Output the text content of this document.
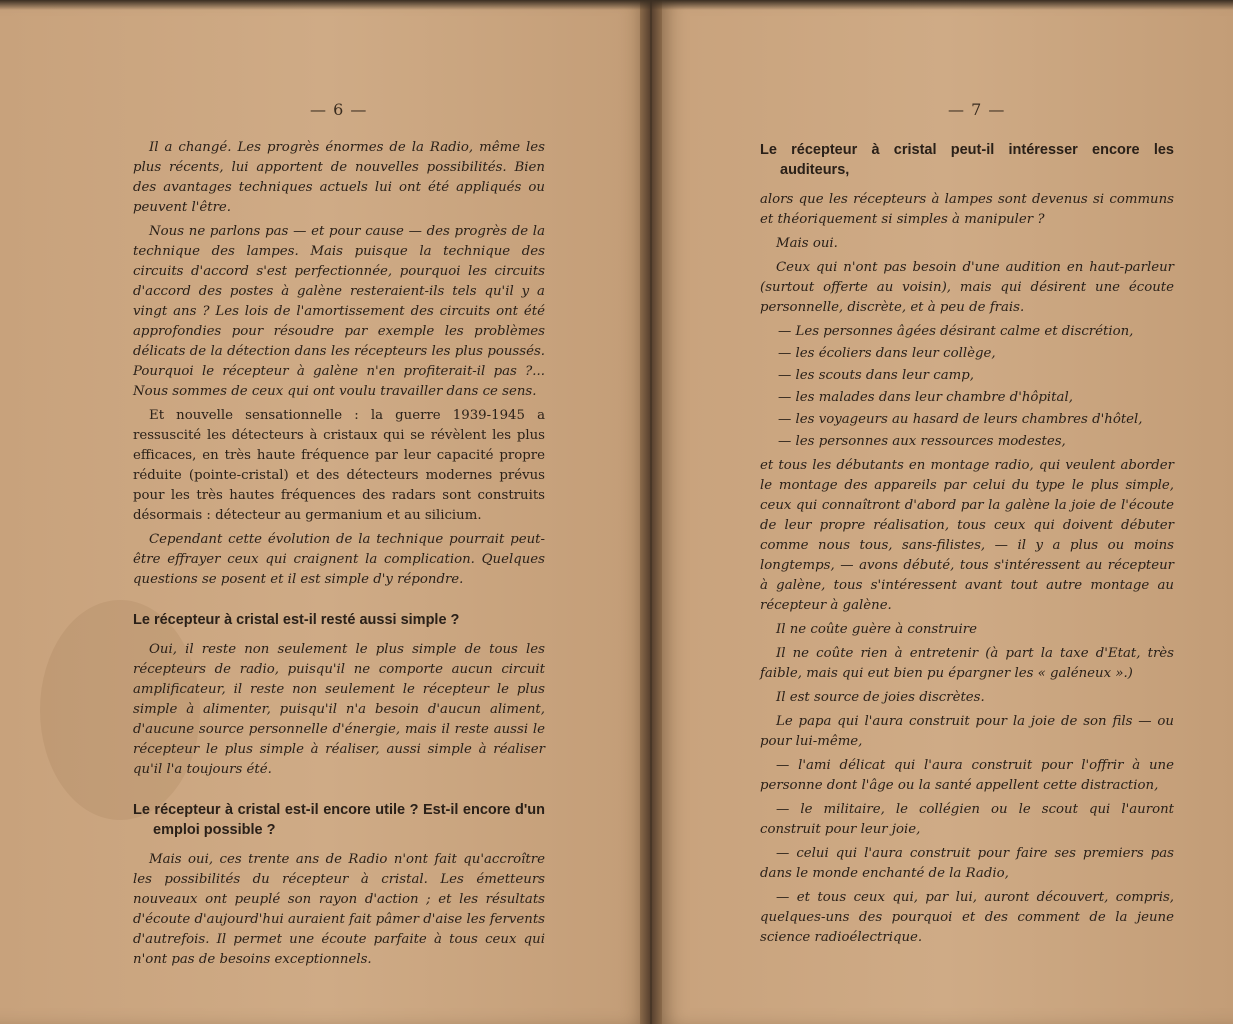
— 6 —

Il a changé. Les progrès énormes de la Radio, même les plus récents, lui apportent de nouvelles possibilités. Bien des avantages techniques actuels lui ont été appliqués ou peuvent l'être.

Nous ne parlons pas — et pour cause — des progrès de la technique des lampes. Mais puisque la technique des circuits d'accord s'est perfectionnée, pourquoi les circuits d'accord des postes à galène resteraient-ils tels qu'il y a vingt ans ? Les lois de l'amortissement des circuits ont été approfondies pour résoudre par exemple les problèmes délicats de la détection dans les récepteurs les plus poussés. Pourquoi le récepteur à galène n'en profiterait-il pas ?... Nous sommes de ceux qui ont voulu travailler dans ce sens.

Et nouvelle sensationnelle : la guerre 1939-1945 a ressuscité les détecteurs à cristaux qui se révèlent les plus efficaces, en très haute fréquence par leur capacité propre réduite (pointe-cristal) et des détecteurs modernes prévus pour les très hautes fréquences des radars sont construits désormais : détecteur au germanium et au silicium.

Cependant cette évolution de la technique pourrait peut-être effrayer ceux qui craignent la complication. Quelques questions se posent et il est simple d'y répondre.

Le récepteur à cristal est-il resté aussi simple ?

Oui, il reste non seulement le plus simple de tous les récepteurs de radio, puisqu'il ne comporte aucun circuit amplificateur, il reste non seulement le récepteur le plus simple à alimenter, puisqu'il n'a besoin d'aucun aliment, d'aucune source personnelle d'énergie, mais il reste aussi le récepteur le plus simple à réaliser, aussi simple à réaliser qu'il l'a toujours été.

Le récepteur à cristal est-il encore utile ? Est-il encore d'un emploi possible ?

Mais oui, ces trente ans de Radio n'ont fait qu'accroître les possibilités du récepteur à cristal. Les émetteurs nouveaux ont peuplé son rayon d'action ; et les résultats d'écoute d'aujourd'hui auraient fait pâmer d'aise les fervents d'autrefois. Il permet une écoute parfaite à tous ceux qui n'ont pas de besoins exceptionnels.

— 7 —
Le récepteur à cristal peut-il intéresser encore les auditeurs,

alors que les récepteurs à lampes sont devenus si communs et théoriquement si simples à manipuler ?

Mais oui.

Ceux qui n'ont pas besoin d'une audition en haut-parleur (surtout offerte au voisin), mais qui désirent une écoute personnelle, discrète, et à peu de frais.

— Les personnes âgées désirant calme et discrétion,
— les écoliers dans leur collège,
— les scouts dans leur camp,
— les malades dans leur chambre d'hôpital,
— les voyageurs au hasard de leurs chambres d'hôtel,
— les personnes aux ressources modestes,

et tous les débutants en montage radio, qui veulent aborder le montage des appareils par celui du type le plus simple, ceux qui connaîtront d'abord par la galène la joie de l'écoute de leur propre réalisation, tous ceux qui doivent débuter comme nous tous, sans-filistes, — il y a plus ou moins longtemps, — avons débuté, tous s'intéressent au récepteur à galène, tous s'intéressent avant tout autre montage au récepteur à galène.

Il ne coûte guère à construire

Il ne coûte rien à entretenir (à part la taxe d'Etat, très faible, mais qui eut bien pu épargner les « galéneux ».)

Il est source de joies discrètes.

Le papa qui l'aura construit pour la joie de son fils — ou pour lui-même,

— l'ami délicat qui l'aura construit pour l'offrir à une personne dont l'âge ou la santé appellent cette distraction,

— le militaire, le collégien ou le scout qui l'auront construit pour leur joie,

— celui qui l'aura construit pour faire ses premiers pas dans le monde enchanté de la Radio,

— et tous ceux qui, par lui, auront découvert, compris, quelques-uns des pourquoi et des comment de la jeune science radioélectrique.
